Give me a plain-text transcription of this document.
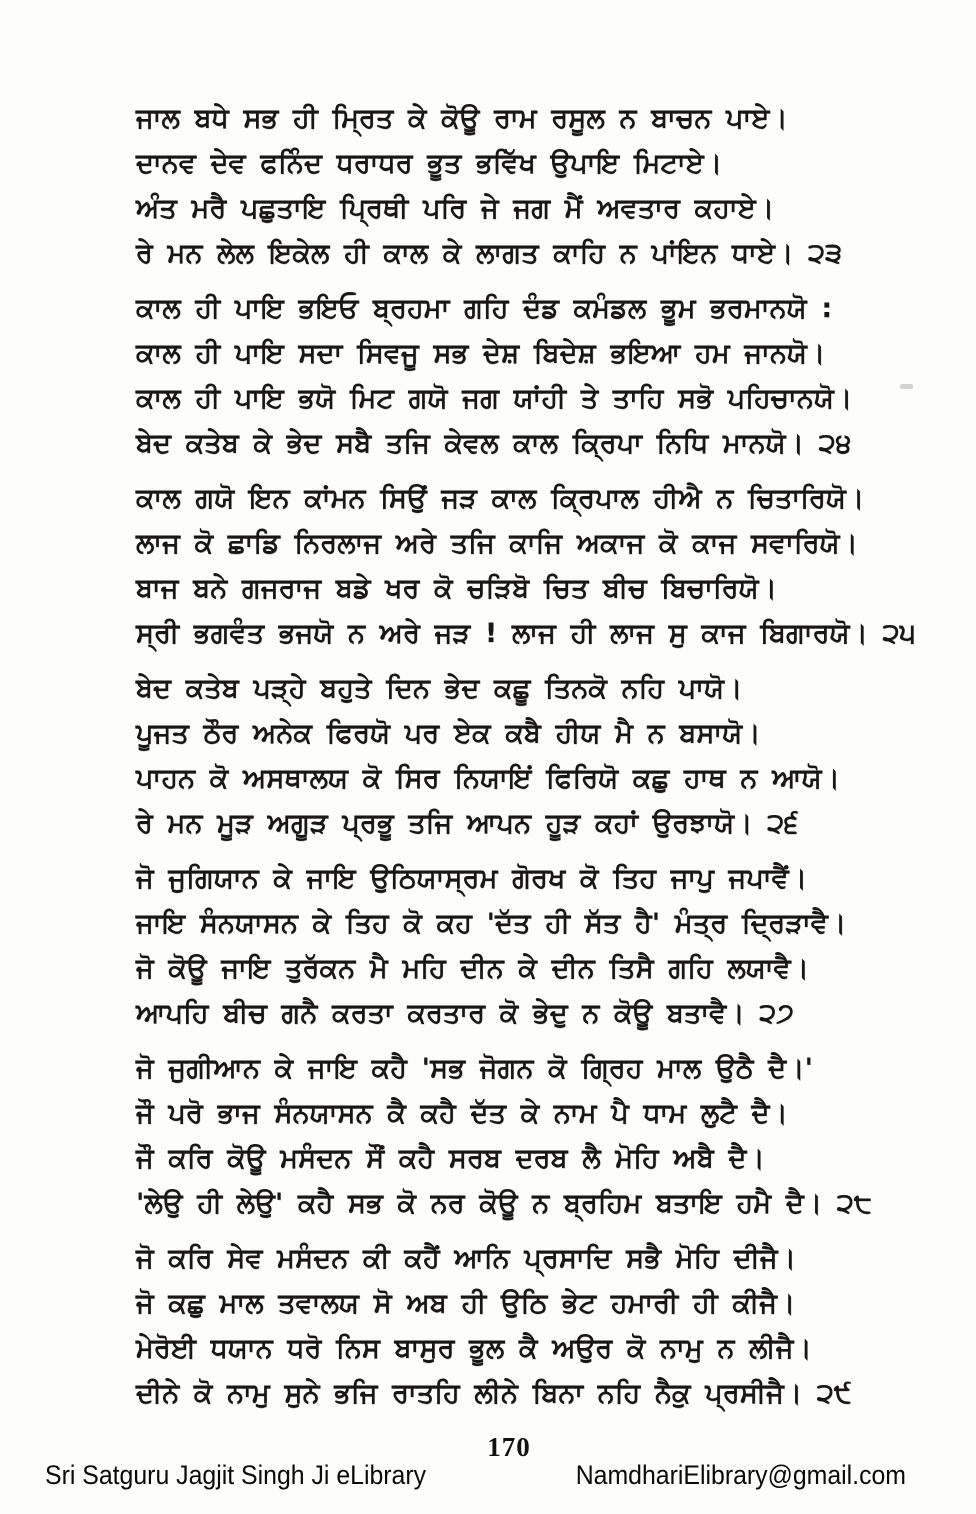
ਜਾਲ ਬਧੇ ਸਭ ਹੀ ਮ੍ਰਿਤ ਕੇ ਕੋਊ ਰਾਮ ਰਸੂਲ ਨ ਬਾਚਨ ਪਾਏ।

ਦਾਨਵ ਦੇਵ ਫਨਿੰਦ ਧਰਾਧਰ ਭੂਤ ਭਵਿੱਖ ਉਪਾਇ ਮਿਟਾਏ।

ਅੰਤ ਮਰੈ ਪਛੁਤਾਇ ਪ੍ਰਿਥੀ ਪਰਿ ਜੇ ਜਗ ਮੈਂ ਅਵਤਾਰ ਕਹਾਏ।

ਰੇ ਮਨ ਲੇਲ ਇਕੇਲ ਹੀ ਕਾਲ ਕੇ ਲਾਗਤ ਕਾਹਿ ਨ ਪਾਂਇਨ ਧਾਏ। ੨੩

ਕਾਲ ਹੀ ਪਾਇ ਭਇਓ ਬ੍ਰਹਮਾ ਗਹਿ ਦੰਡ ਕਮੰਡਲ ਭੂਮ ਭਰਮਾਨਯੋ :

ਕਾਲ ਹੀ ਪਾਇ ਸਦਾ ਸਿਵਜੂ ਸਭ ਦੇਸ਼ ਬਿਦੇਸ਼ ਭਇਆ ਹਮ ਜਾਨਯੋ।

ਕਾਲ ਹੀ ਪਾਇ ਭਯੋ ਮਿਟ ਗਯੋ ਜਗ ਯਾਂਹੀ ਤੇ ਤਾਹਿ ਸਭੋ ਪਹਿਚਾਨਯੋ।

ਬੇਦ ਕਤੇਬ ਕੇ ਭੇਦ ਸਬੈ ਤਜਿ ਕੇਵਲ ਕਾਲ ਕ੍ਰਿਪਾ ਨਿਧਿ ਮਾਨਯੋ। ੨੪

ਕਾਲ ਗਯੋ ਇਨ ਕਾਂਮਨ ਸਿਉਂ ਜੜ ਕਾਲ ਕ੍ਰਿਪਾਲ ਹੀਐ ਨ ਚਿਤਾਰਿਯੋ।

ਲਾਜ ਕੋ ਛਾਡਿ ਨਿਰਲਾਜ ਅਰੇ ਤਜਿ ਕਾਜਿ ਅਕਾਜ ਕੋ ਕਾਜ ਸਵਾਰਿਯੋ।

ਬਾਜ ਬਨੇ ਗਜਰਾਜ ਬਡੇ ਖਰ ਕੋ ਚੜਿਬੋ ਚਿਤ ਬੀਚ ਬਿਚਾਰਿਯੋ।

ਸ੍ਰੀ ਭਗਵੰਤ ਭਜਯੋ ਨ ਅਰੇ ਜੜ ! ਲਾਜ ਹੀ ਲਾਜ ਸੁ ਕਾਜ ਬਿਗਾਰਯੋ। ੨੫

ਬੇਦ ਕਤੇਬ ਪੜ੍ਹੇ ਬਹੁਤੇ ਦਿਨ ਭੇਦ ਕਛੂ ਤਿਨਕੋ ਨਹਿ ਪਾਯੋ।

ਪੂਜਤ ਠੌਰ ਅਨੇਕ ਫਿਰਯੋ ਪਰ ਏਕ ਕਬੈ ਹੀਯ ਮੈ ਨ ਬਸਾਯੋ।

ਪਾਹਨ ਕੋ ਅਸਥਾਲਯ ਕੋ ਸਿਰ ਨਿਯਾਇਂ ਫਿਰਿਯੋ ਕਛੁ ਹਾਥ ਨ ਆਯੋ।

ਰੇ ਮਨ ਮੂੜ ਅਗੂੜ ਪ੍ਰਭੂ ਤਜਿ ਆਪਨ ਹੂੜ ਕਹਾਂ ਉਰਝਾਯੋ। ੨੬

ਜੋ ਜੁਗਿਯਾਨ ਕੇ ਜਾਇ ਉਠਿਯਾਸ੍ਰਮ ਗੋਰਖ ਕੋ ਤਿਹ ਜਾਪੁ ਜਪਾਵੈਂ।

ਜਾਇ ਸੰਨਯਾਸਨ ਕੇ ਤਿਹ ਕੋ ਕਹ 'ਦੱਤ ਹੀ ਸੱਤ ਹੈ' ਮੰਤ੍ਰ ਦ੍ਰਿੜਾਵੈ।

ਜੋ ਕੋਊ ਜਾਇ ਤੁਰੱਕਨ ਮੈ ਮਹਿ ਦੀਨ ਕੇ ਦੀਨ ਤਿਸੈ ਗਹਿ ਲਯਾਵੈ।

ਆਪਹਿ ਬੀਚ ਗਨੈ ਕਰਤਾ ਕਰਤਾਰ ਕੋ ਭੇਦੁ ਨ ਕੋਊ ਬਤਾਵੈ। ੨੭

ਜੋ ਜੁਗੀਆਨ ਕੇ ਜਾਇ ਕਹੈ 'ਸਭ ਜੋਗਨ ਕੋ ਗ੍ਰਿਹ ਮਾਲ ਉਠੈ ਦੈ।'

ਜੌ ਪਰੋ ਭਾਜ ਸੰਨਯਾਸਨ ਕੈ ਕਹੈ ਦੱਤ ਕੇ ਨਾਮ ਪੈ ਧਾਮ ਲੁਟੈ ਦੈ।

ਜੌ ਕਰਿ ਕੋਊ ਮਸੰਦਨ ਸੌਂ ਕਹੈ ਸਰਬ ਦਰਬ ਲੈ ਮੋਹਿ ਅਬੈ ਦੈ।

'ਲੇਉ ਹੀ ਲੇਉ' ਕਹੈ ਸਭ ਕੋ ਨਰ ਕੋਊ ਨ ਬ੍ਰਹਿਮ ਬਤਾਇ ਹਮੈ ਦੈ। ੨੮

ਜੋ ਕਰਿ ਸੇਵ ਮਸੰਦਨ ਕੀ ਕਹੈਂ ਆਨਿ ਪ੍ਰਸਾਦਿ ਸਭੈ ਮੋਹਿ ਦੀਜੈ।

ਜੋ ਕਛੁ ਮਾਲ ਤਵਾਲਯ ਸੋ ਅਬ ਹੀ ਉਠਿ ਭੇਟ ਹਮਾਰੀ ਹੀ ਕੀਜੈ।

ਮੇਰੋਈ ਧਯਾਨ ਧਰੋ ਨਿਸ ਬਾਸੁਰ ਭੂਲ ਕੈ ਅਉਰ ਕੋ ਨਾਮੁ ਨ ਲੀਜੈ।

ਦੀਨੇ ਕੋ ਨਾਮੁ ਸੁਨੇ ਭਜਿ ਰਾਤਹਿ ਲੀਨੇ ਬਿਨਾ ਨਹਿ ਨੈਕੁ ਪ੍ਰਸੀਜੈ। ੨੯

170
Sri Satguru Jagjit Singh Ji eLibrary	NamdhariElibrary@gmail.com
